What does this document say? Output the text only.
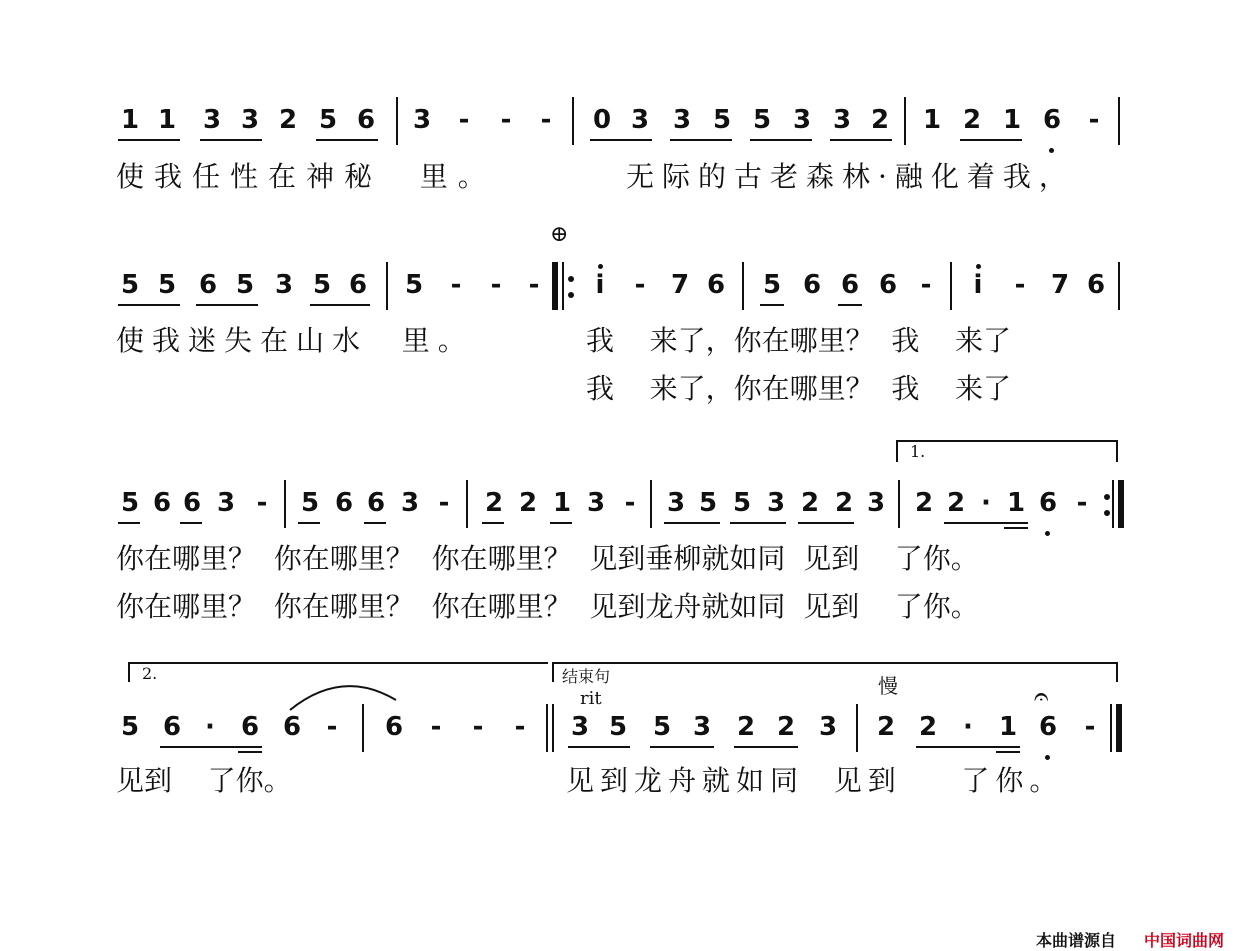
1 1 3 3 2 5 6 3 - - - 0 3 3 5 5 3 3 2 1 2 1 6 -
使我任性在神秘  里。	无际的古老森林·融化着我，
5 5 6 5 3 5 6 5 - - -
⊕
i - 7 6 5 6 6 6 - i - 7 6
使我迷失在山水  里。	我    来了，你在哪里？  我    来了
我    来了，你在哪里？  我    来了
1.
5 6 6 3 - 5 6 6 3 - 2 2 1 3 - 3 5 5 3 2 2 3 2 2 · 1 6 -
你在哪里？  你在哪里？  你在哪里？  见到垂柳就如同  见到    了你。
你在哪里？  你在哪里？  你在哪里？  见到龙舟就如同  见到    了你。
2.	结束句
rit
慢
5 6 · 6 6 - 6 - - - 3 5 5 3 2 2 3 2 2 · 1 6 -
𝄐
见到    了你。	见到龙舟就如同  见到    了你。
本曲谱源自 中国词曲网
